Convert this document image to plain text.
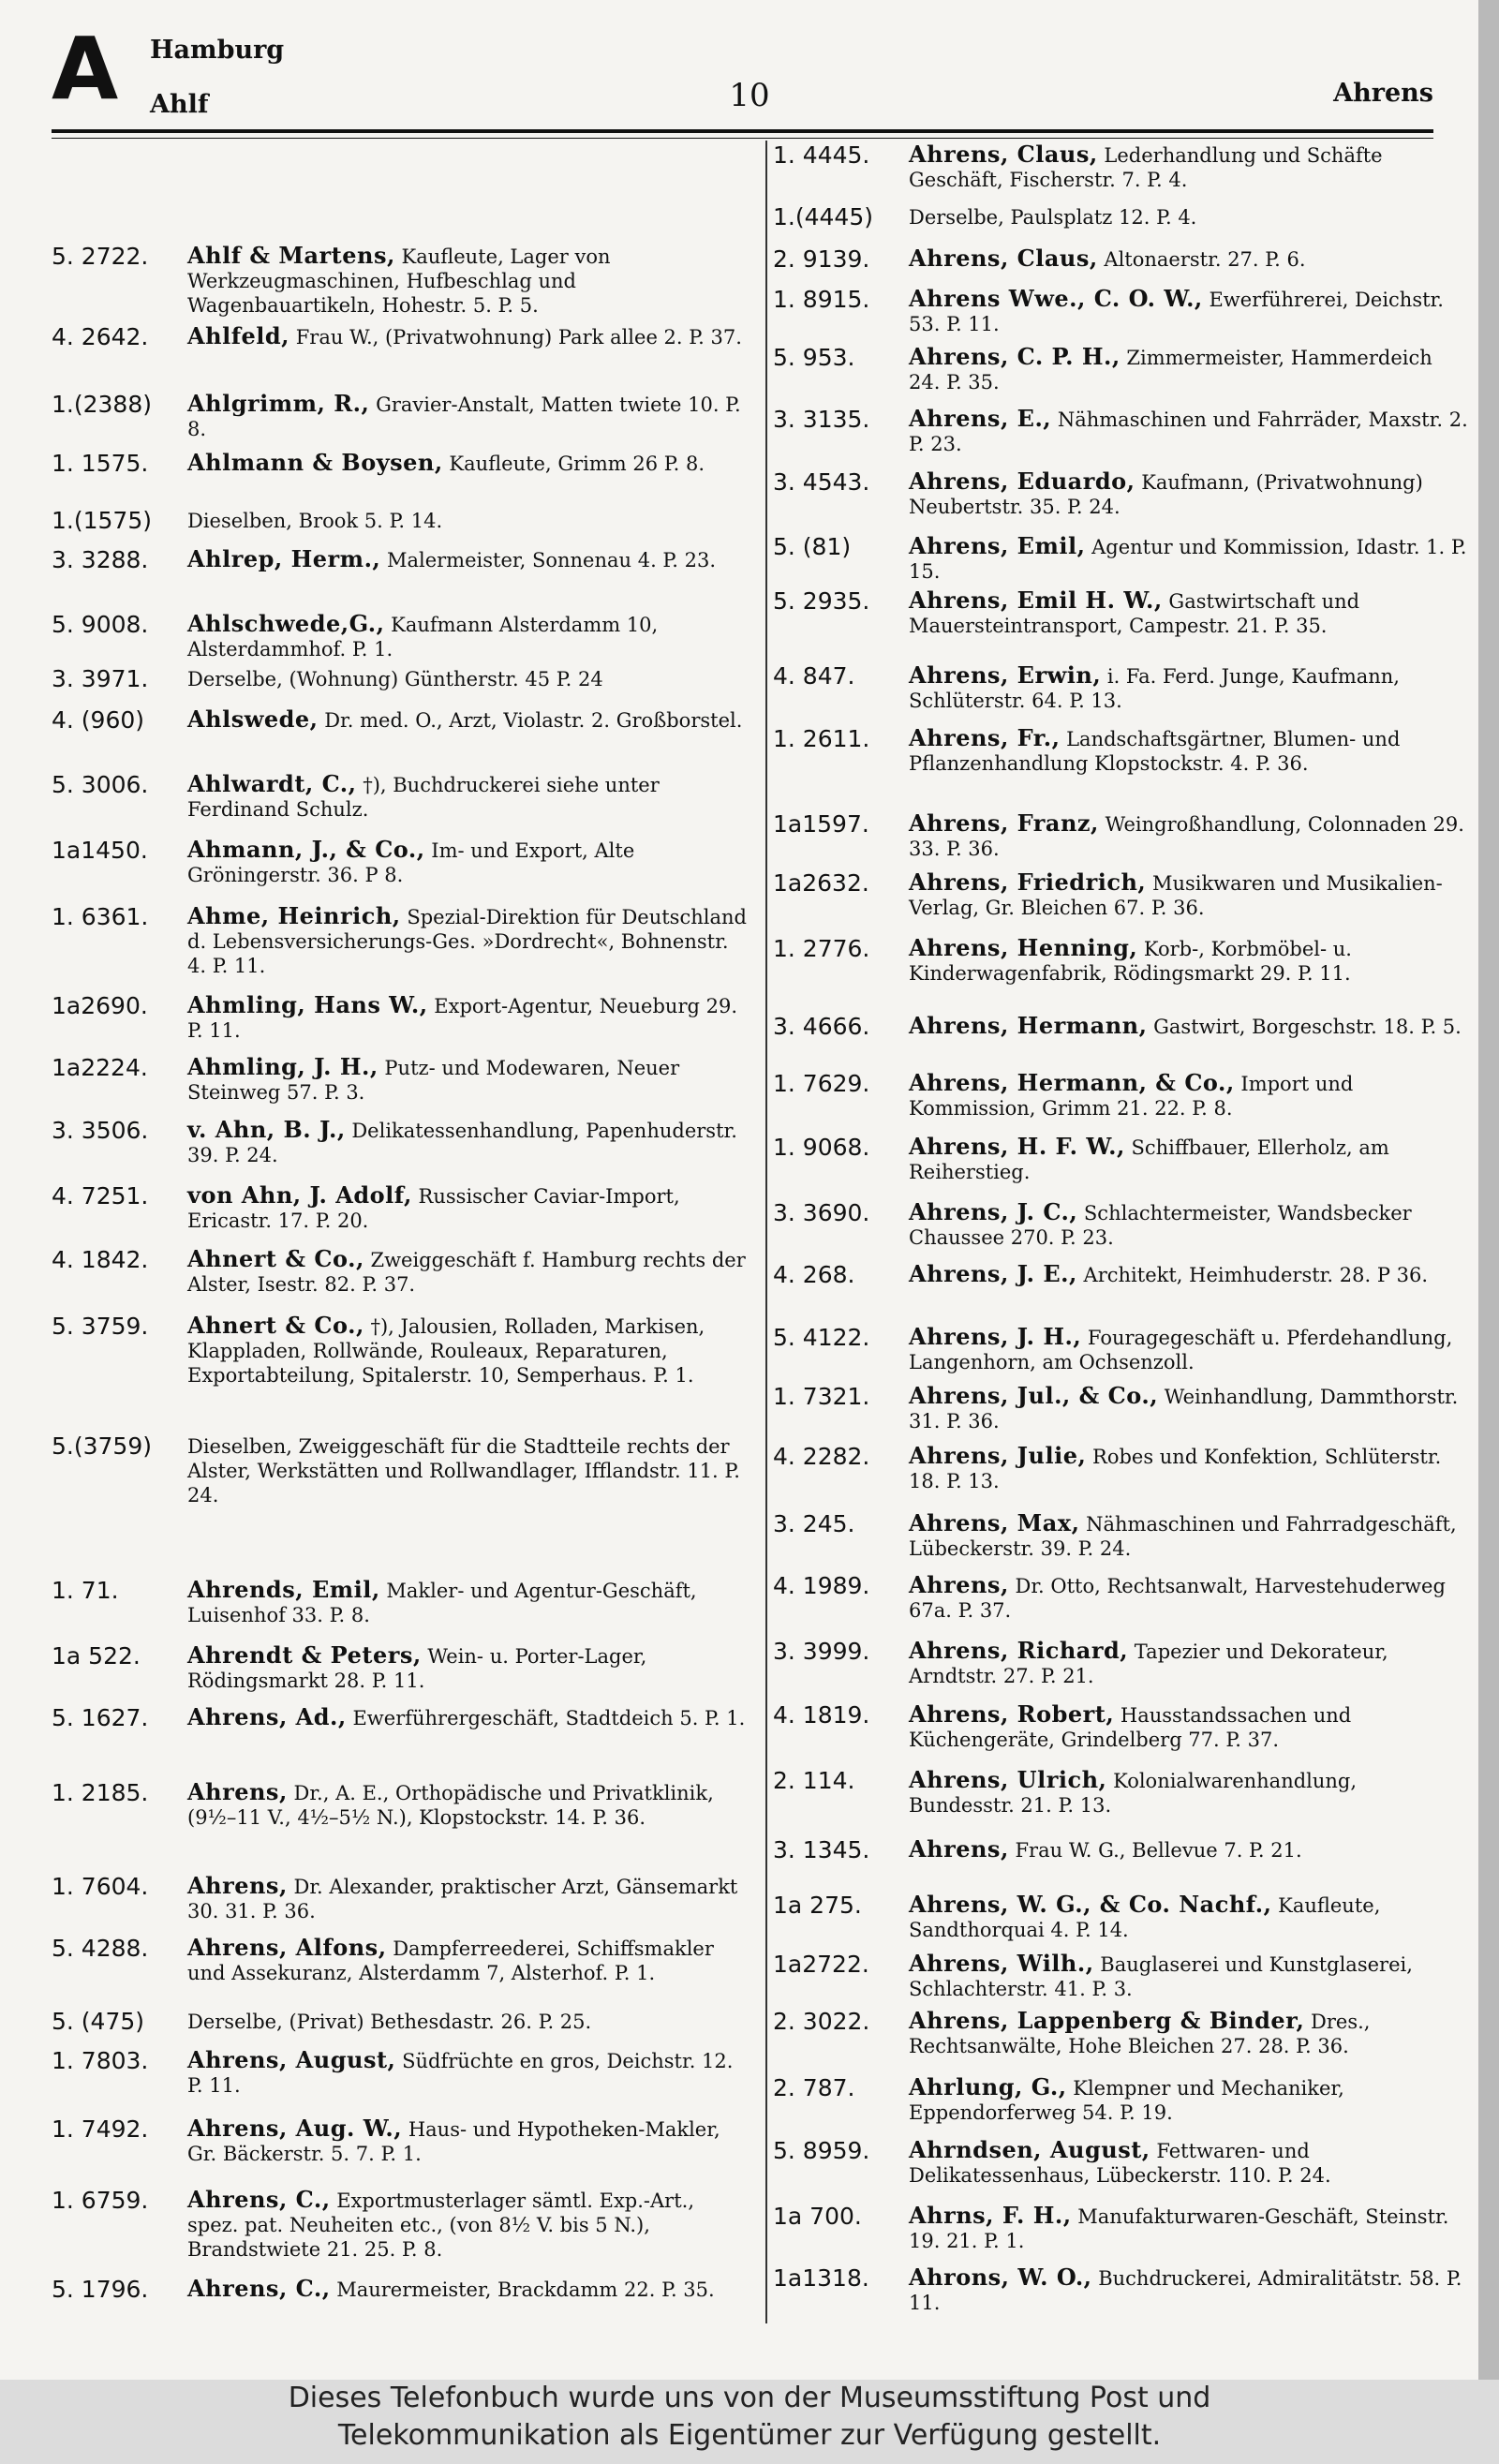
A Hamburg
Ahlf	10	Ahrens
5. 2722.	Ahlf & Martens, Kaufleute, Lager von Werkzeugmaschinen, Hufbeschlag und Wagenbauartikeln, Hohestr. 5. P. 5.
4. 2642.	Ahlfeld, Frau W., (Privatwohnung) Park allee 2. P. 37.
1.(2388)	Ahlgrimm, R., Gravier-Anstalt, Matten twiete 10. P. 8.
1. 1575.	Ahlmann & Boysen, Kaufleute, Grimm 26 P. 8.
1.(1575)	Dieselben, Brook 5. P. 14.
3. 3288.	Ahlrep, Herm., Malermeister, Sonnenau 4. P. 23.
5. 9008.	Ahlschwede,G., Kaufmann Alsterdamm 10, Alsterdammhof. P. 1.
3. 3971.	Derselbe, (Wohnung) Güntherstr. 45 P. 24
4. (960)	Ahlswede, Dr. med. O., Arzt, Violastr. 2. Großborstel.
5. 3006.	Ahlwardt, C., †), Buchdruckerei siehe unter Ferdinand Schulz.
1a1450.	Ahmann, J., & Co., Im- und Export, Alte Gröningerstr. 36. P 8.
1. 6361.	Ahme, Heinrich, Spezial-Direktion für Deutschland d. Lebensversicherungs-Ges. »Dordrecht«, Bohnenstr. 4. P. 11.
1a2690.	Ahmling, Hans W., Export-Agentur, Neueburg 29. P. 11.
1a2224.	Ahmling, J. H., Putz- und Modewaren, Neuer Steinweg 57. P. 3.
3. 3506.	v. Ahn, B. J., Delikatessenhandlung, Papenhuderstr. 39. P. 24.
4. 7251.	von Ahn, J. Adolf, Russischer Caviar-Import, Ericastr. 17. P. 20.
4. 1842.	Ahnert & Co., Zweiggeschäft f. Hamburg rechts der Alster, Isestr. 82. P. 37.
5. 3759.	Ahnert & Co., †), Jalousien, Rolladen, Markisen, Klappladen, Rollwände, Rouleaux, Reparaturen, Exportabteilung, Spitalerstr. 10, Semperhaus. P. 1.
5.(3759)	Dieselben, Zweiggeschäft für die Stadtteile rechts der Alster, Werkstätten und Rollwandlager, Ifflandstr. 11. P. 24.
1. 71.	Ahrends, Emil, Makler- und Agentur-Geschäft, Luisenhof 33. P. 8.
1a 522.	Ahrendt & Peters, Wein- u. Porter-Lager, Rödingsmarkt 28. P. 11.
5. 1627.	Ahrens, Ad., Ewerführergeschäft, Stadtdeich 5. P. 1.
1. 2185.	Ahrens, Dr., A. E., Orthopädische und Privatklinik, (9½–11 V., 4½–5½ N.), Klopstockstr. 14. P. 36.
1. 7604.	Ahrens, Dr. Alexander, praktischer Arzt, Gänsemarkt 30. 31. P. 36.
5. 4288.	Ahrens, Alfons, Dampferreederei, Schiffsmakler und Assekuranz, Alsterdamm 7, Alsterhof. P. 1.
5. (475)	Derselbe, (Privat) Bethesdastr. 26. P. 25.
1. 7803.	Ahrens, August, Südfrüchte en gros, Deichstr. 12. P. 11.
1. 7492.	Ahrens, Aug. W., Haus- und Hypotheken-Makler, Gr. Bäckerstr. 5. 7. P. 1.
1. 6759.	Ahrens, C., Exportmusterlager sämtl. Exp.-Art., spez. pat. Neuheiten etc., (von 8½ V. bis 5 N.), Brandstwiete 21. 25. P. 8.
5. 1796.	Ahrens, C., Maurermeister, Brackdamm 22. P. 35.
1. 4445.	Ahrens, Claus, Lederhandlung und Schäfte Geschäft, Fischerstr. 7. P. 4.
1.(4445)	Derselbe, Paulsplatz 12. P. 4.
2. 9139.	Ahrens, Claus, Altonaerstr. 27. P. 6.
1. 8915.	Ahrens Wwe., C. O. W., Ewerführerei, Deichstr. 53. P. 11.
5. 953.	Ahrens, C. P. H., Zimmermeister, Hammerdeich 24. P. 35.
3. 3135.	Ahrens, E., Nähmaschinen und Fahrräder, Maxstr. 2. P. 23.
3. 4543.	Ahrens, Eduardo, Kaufmann, (Privatwohnung) Neubertstr. 35. P. 24.
5. (81)	Ahrens, Emil, Agentur und Kommission, Idastr. 1. P. 15.
5. 2935.	Ahrens, Emil H. W., Gastwirtschaft und Mauersteintransport, Campestr. 21. P. 35.
4. 847.	Ahrens, Erwin, i. Fa. Ferd. Junge, Kaufmann, Schlüterstr. 64. P. 13.
1. 2611.	Ahrens, Fr., Landschaftsgärtner, Blumen- und Pflanzenhandlung Klopstockstr. 4. P. 36.
1a1597.	Ahrens, Franz, Weingroßhandlung, Colonnaden 29. 33. P. 36.
1a2632.	Ahrens, Friedrich, Musikwaren und Musikalien-Verlag, Gr. Bleichen 67. P. 36.
1. 2776.	Ahrens, Henning, Korb-, Korbmöbel- u. Kinderwagenfabrik, Rödingsmarkt 29. P. 11.
3. 4666.	Ahrens, Hermann, Gastwirt, Borgeschstr. 18. P. 5.
1. 7629.	Ahrens, Hermann, & Co., Import und Kommission, Grimm 21. 22. P. 8.
1. 9068.	Ahrens, H. F. W., Schiffbauer, Ellerholz, am Reiherstieg.
3. 3690.	Ahrens, J. C., Schlachtermeister, Wandsbecker Chaussee 270. P. 23.
4. 268.	Ahrens, J. E., Architekt, Heimhuderstr. 28. P 36.
5. 4122.	Ahrens, J. H., Fouragegeschäft u. Pferdehandlung, Langenhorn, am Ochsenzoll.
1. 7321.	Ahrens, Jul., & Co., Weinhandlung, Dammthorstr. 31. P. 36.
4. 2282.	Ahrens, Julie, Robes und Konfektion, Schlüterstr. 18. P. 13.
3. 245.	Ahrens, Max, Nähmaschinen und Fahrradgeschäft, Lübeckerstr. 39. P. 24.
4. 1989.	Ahrens, Dr. Otto, Rechtsanwalt, Harvestehuderweg 67a. P. 37.
3. 3999.	Ahrens, Richard, Tapezier und Dekorateur, Arndtstr. 27. P. 21.
4. 1819.	Ahrens, Robert, Hausstandssachen und Küchengeräte, Grindelberg 77. P. 37.
2. 114.	Ahrens, Ulrich, Kolonialwarenhandlung, Bundesstr. 21. P. 13.
3. 1345.	Ahrens, Frau W. G., Bellevue 7. P. 21.
1a 275.	Ahrens, W. G., & Co. Nachf., Kaufleute, Sandthorquai 4. P. 14.
1a2722.	Ahrens, Wilh., Bauglaserei und Kunstglaserei, Schlachterstr. 41. P. 3.
2. 3022.	Ahrens, Lappenberg & Binder, Dres., Rechtsanwälte, Hohe Bleichen 27. 28. P. 36.
2. 787.	Ahrlung, G., Klempner und Mechaniker, Eppendorferweg 54. P. 19.
5. 8959.	Ahrndsen, August, Fettwaren- und Delikatessenhaus, Lübeckerstr. 110. P. 24.
1a 700.	Ahrns, F. H., Manufakturwaren-Geschäft, Steinstr. 19. 21. P. 1.
1a1318.	Ahrons, W. O., Buchdruckerei, Admiralitätstr. 58. P. 11.
Dieses Telefonbuch wurde uns von der Museumsstiftung Post und
Telekommunikation als Eigentümer zur Verfügung gestellt.
